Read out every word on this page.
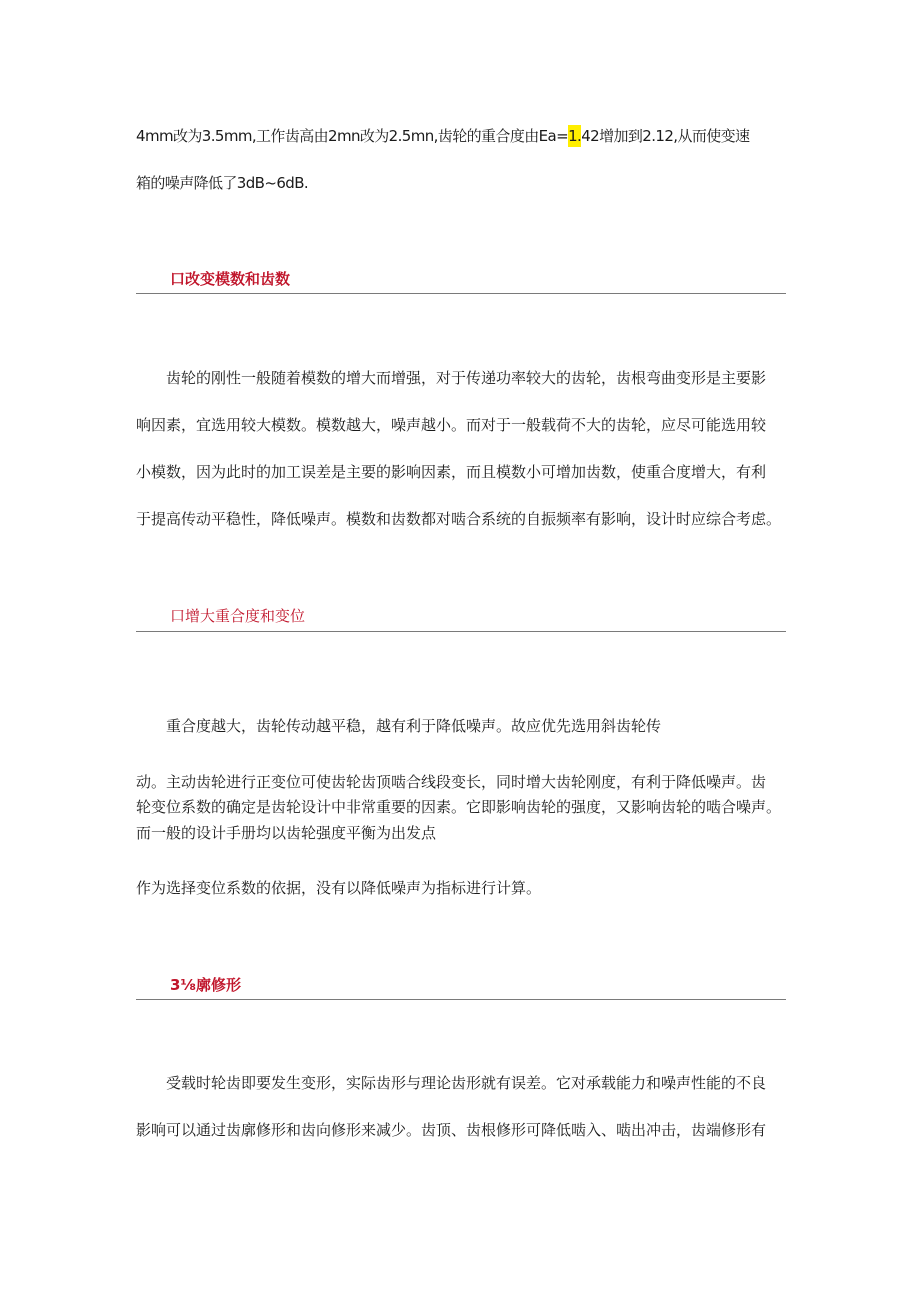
4mm改为3.5mm,工作齿高由2mn改为2.5mn,齿轮的重合度由Ea=1.42增加到2.12,从而使变速
箱的噪声降低了3dB~6dB.
口改变模数和齿数
　　齿轮的刚性一般随着模数的增大而增强，对于传递功率较大的齿轮，齿根弯曲变形是主要影
响因素，宜选用较大模数。模数越大，噪声越小。而对于一般载荷不大的齿轮，应尽可能选用较
小模数，因为此时的加工误差是主要的影响因素，而且模数小可增加齿数，使重合度增大，有利
于提高传动平稳性，降低噪声。模数和齿数都对啮合系统的自振频率有影响，设计时应综合考虑。
口增大重合度和变位
　　重合度越大，齿轮传动越平稳，越有利于降低噪声。故应优先选用斜齿轮传
动。主动齿轮进行正变位可使齿轮齿顶啮合线段变长，同时增大齿轮刚度，有利于降低噪声。齿
轮变位系数的确定是齿轮设计中非常重要的因素。它即影响齿轮的强度，又影响齿轮的啮合噪声。
而一般的设计手册均以齿轮强度平衡为出发点
作为选择变位系数的依据，没有以降低噪声为指标进行计算。
3⅛廓修形
　　受载时轮齿即要发生变形，实际齿形与理论齿形就有误差。它对承载能力和噪声性能的不良
影响可以通过齿廓修形和齿向修形来减少。齿顶、齿根修形可降低啮入、啮出冲击，齿端修形有
